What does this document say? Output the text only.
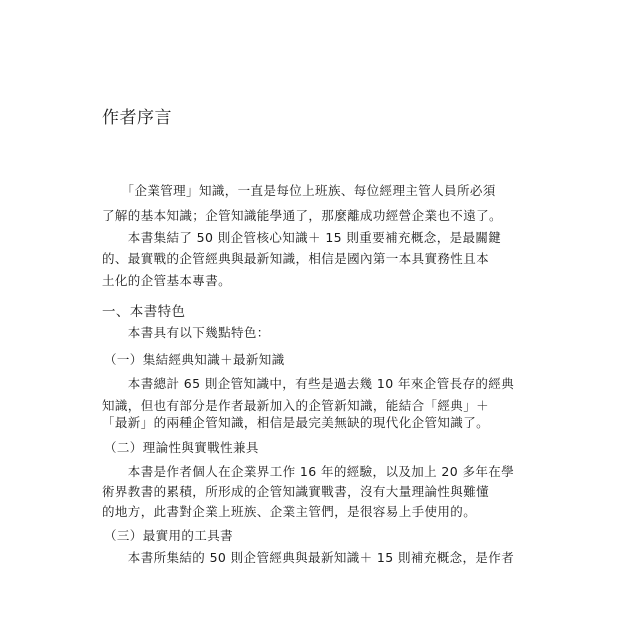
作者序言
　　「企業管理」知識，一直是每位上班族、每位經理主管人員所必須
了解的基本知識；企管知識能學通了，那麼離成功經營企業也不遠了。
　　本書集結了 50 則企管核心知識＋ 15 則重要補充概念，是最關鍵
的、最實戰的企管經典與最新知識，相信是國內第一本具實務性且本
土化的企管基本專書。
一、本書特色
　　本書具有以下幾點特色：
（一）集結經典知識＋最新知識
　　本書總計 65 則企管知識中，有些是過去幾 10 年來企管長存的經典
知識，但也有部分是作者最新加入的企管新知識，能結合「經典」＋
「最新」的兩種企管知識，相信是最完美無缺的現代化企管知識了。
（二）理論性與實戰性兼具
　　本書是作者個人在企業界工作 16 年的經驗，以及加上 20 多年在學
術界教書的累積，所形成的企管知識實戰書，沒有大量理論性與難懂
的地方，此書對企業上班族、企業主管們，是很容易上手使用的。
（三）最實用的工具書
　　本書所集結的 50 則企管經典與最新知識＋ 15 則補充概念，是作者
